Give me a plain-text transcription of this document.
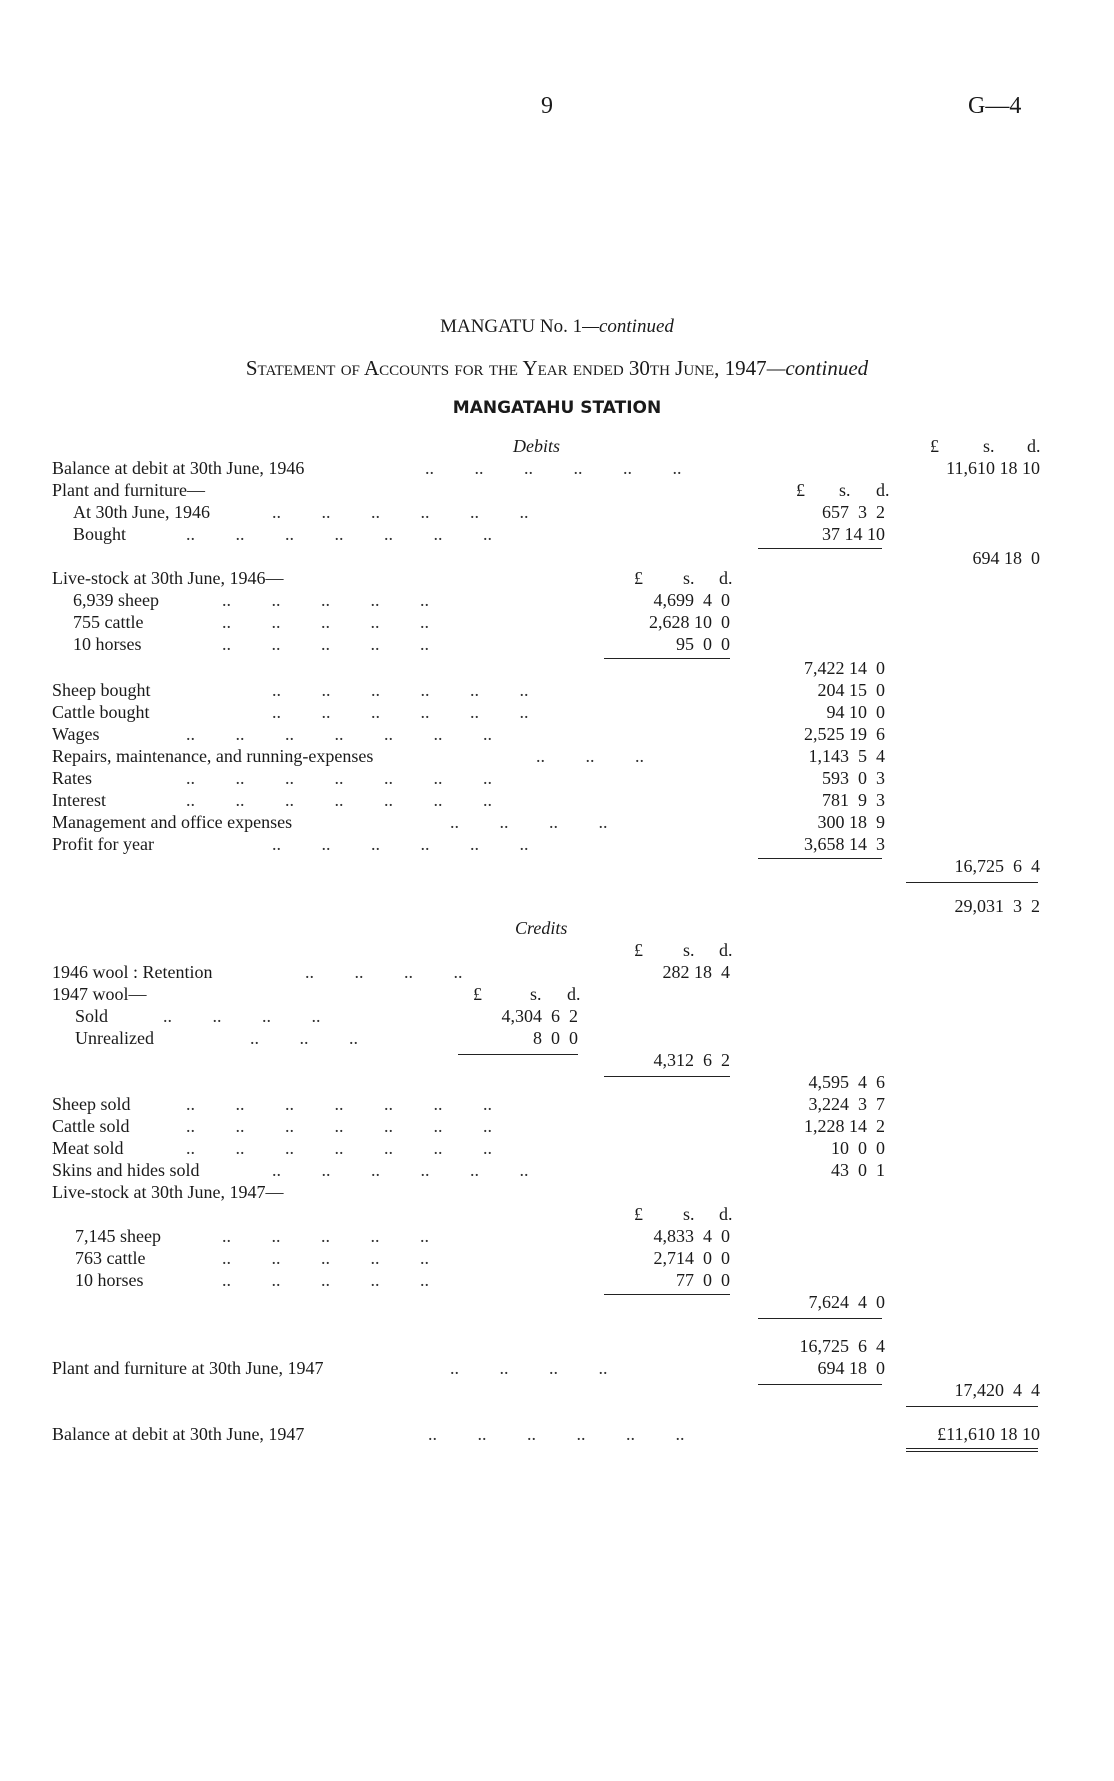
9	G—4
MANGATU No. 1—continued
Statement of Accounts for the Year ended 30th June, 1947—continued
MANGATAHU STATION
Debits	£ s. d.
Balance at debit at 30th June, 1946	..         ..         ..         ..         ..         ..	11,610 18 10
Plant and furniture—	£ s. d.
At 30th June, 1946	..         ..         ..         ..         ..         ..	657  3  2
Bought	..         ..         ..         ..         ..         ..         ..	37 14 10
694 18  0
Live-stock at 30th June, 1946—	£ s. d.
6,939 sheep	..         ..         ..         ..         ..	4,699  4  0
755 cattle	..         ..         ..         ..         ..	2,628 10  0
10 horses	..         ..         ..         ..         ..	95  0  0
7,422 14  0
Sheep bought	..         ..         ..         ..         ..         ..	204 15  0
Cattle bought	..         ..         ..         ..         ..         ..	94 10  0
Wages	..         ..         ..         ..         ..         ..         ..	2,525 19  6
Repairs, maintenance, and running-expenses	..         ..         ..	1,143  5  4
Rates	..         ..         ..         ..         ..         ..         ..	593  0  3
Interest	..         ..         ..         ..         ..         ..         ..	781  9  3
Management and office expenses	..         ..         ..         ..	300 18  9
Profit for year	..         ..         ..         ..         ..         ..	3,658 14  3
16,725  6  4
29,031  3  2
Credits
£ s. d.
1946 wool : Retention	..         ..         ..         ..	282 18  4
1947 wool—	£	s. d.
Sold	..         ..         ..         ..	4,304  6  2
Unrealized	..         ..         ..	8  0  0
4,312  6  2
4,595  4  6
Sheep sold	..         ..         ..         ..         ..         ..         ..	3,224  3  7
Cattle sold	..         ..         ..         ..         ..         ..         ..	1,228 14  2
Meat sold	..         ..         ..         ..         ..         ..         ..	10  0  0
Skins and hides sold	..         ..         ..         ..         ..         ..	43  0  1
Live-stock at 30th June, 1947—
£ s. d.
7,145 sheep	..         ..         ..         ..         ..	4,833  4  0
763 cattle	..         ..         ..         ..         ..	2,714  0  0
10 horses	..         ..         ..         ..         ..	77  0  0
7,624  4  0
16,725  6  4
Plant and furniture at 30th June, 1947	..         ..         ..         ..	694 18  0
17,420  4  4
Balance at debit at 30th June, 1947	..         ..         ..         ..         ..         ..	£11,610 18 10
